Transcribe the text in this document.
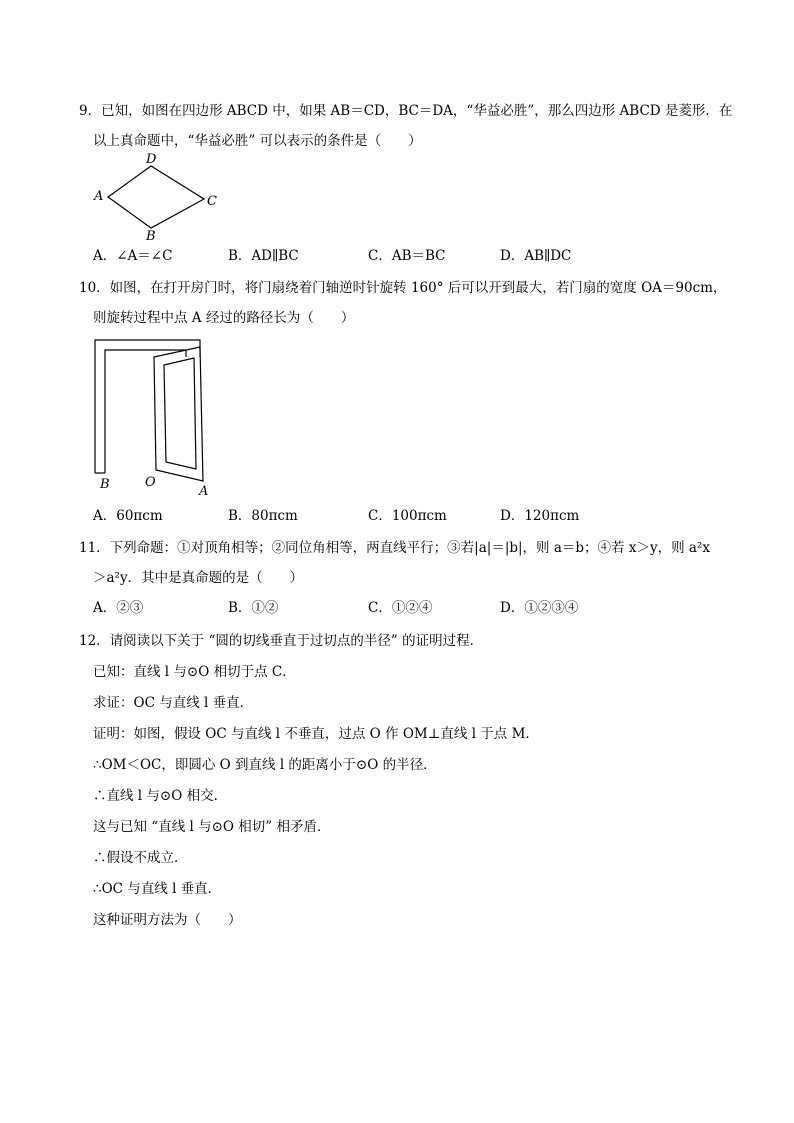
9．已知，如图在四边形 ABCD 中，如果 AB＝CD，BC＝DA，“华益必胜”，那么四边形 ABCD 是菱形．在
以上真命题中，“华益必胜” 可以表示的条件是（　　）
D
A	C
B
A．∠A＝∠C	B．AD∥BC	C．AB＝BC	D．AB∥DC
10．如图，在打开房门时，将门扇绕着门轴逆时针旋转 160° 后可以开到最大，若门扇的宽度 OA＝90cm，
则旋转过程中点 A 经过的路径长为（　　）
B	O
A
A．60πcm	B．80πcm	C．100πcm	D．120πcm
11．下列命题：①对顶角相等；②同位角相等，两直线平行；③若|a|＝|b|，则 a＝b；④若 x＞y，则 a²x
＞a²y．其中是真命题的是（　　）
A．②③	B．①②	C．①②④	D．①②③④
12．请阅读以下关于 “圆的切线垂直于过切点的半径” 的证明过程．
已知：直线 l 与⊙O 相切于点 C．
求证：OC 与直线 l 垂直．
证明：如图，假设 OC 与直线 l 不垂直，过点 O 作 OM⊥直线 l 于点 M．
∴OM＜OC，即圆心 O 到直线 l 的距离小于⊙O 的半径．
∴直线 l 与⊙O 相交．
这与已知 “直线 l 与⊙O 相切” 相矛盾．
∴假设不成立．
∴OC 与直线 l 垂直．
这种证明方法为（　　）
